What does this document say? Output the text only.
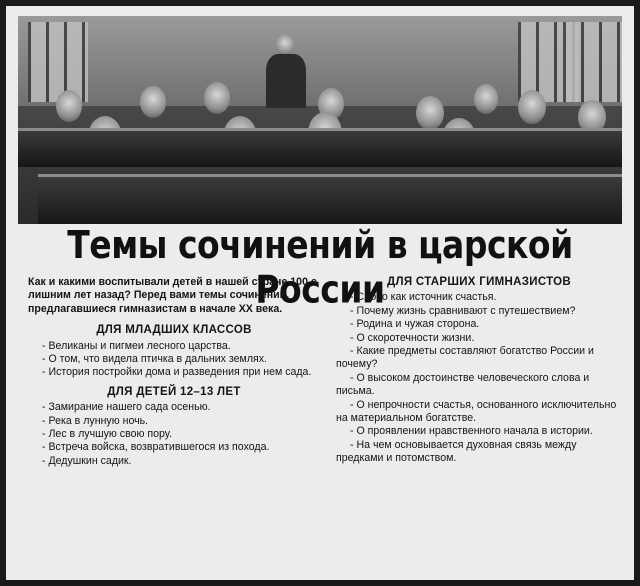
Темы сочинений в царской России

Как и какими воспитывали детей в нашей стране 100 с лишним лет назад? Перед вами темы сочинений, предлагавшиеся гимназистам в начале XX века.

ДЛЯ МЛАДШИХ КЛАССОВ
- Великаны и пигмеи лесного царства.
- О том, что видела птичка в дальних землях.
- История постройки дома и разведения при нем сада.
ДЛЯ ДЕТЕЙ 12–13 ЛЕТ
- Замирание нашего сада осенью.
- Река в лунную ночь.
- Лес в лучшую свою пору.
- Встреча войска, возвратившегося из похода.
- Дедушкин садик.
ДЛЯ СТАРШИХ ГИМНАЗИСТОВ
- Слово как источник счастья.
- Почему жизнь сравнивают с путешествием?
- Родина и чужая сторона.
- О скоротечности жизни.
- Какие предметы составляют богатство России и почему?
- О высоком достоинстве человеческого слова и письма.
- О непрочности счастья, основанного исключительно на материальном богатстве.
- О проявлении нравственного начала в истории.
- На чем основывается духовная связь между предками и потомством.
